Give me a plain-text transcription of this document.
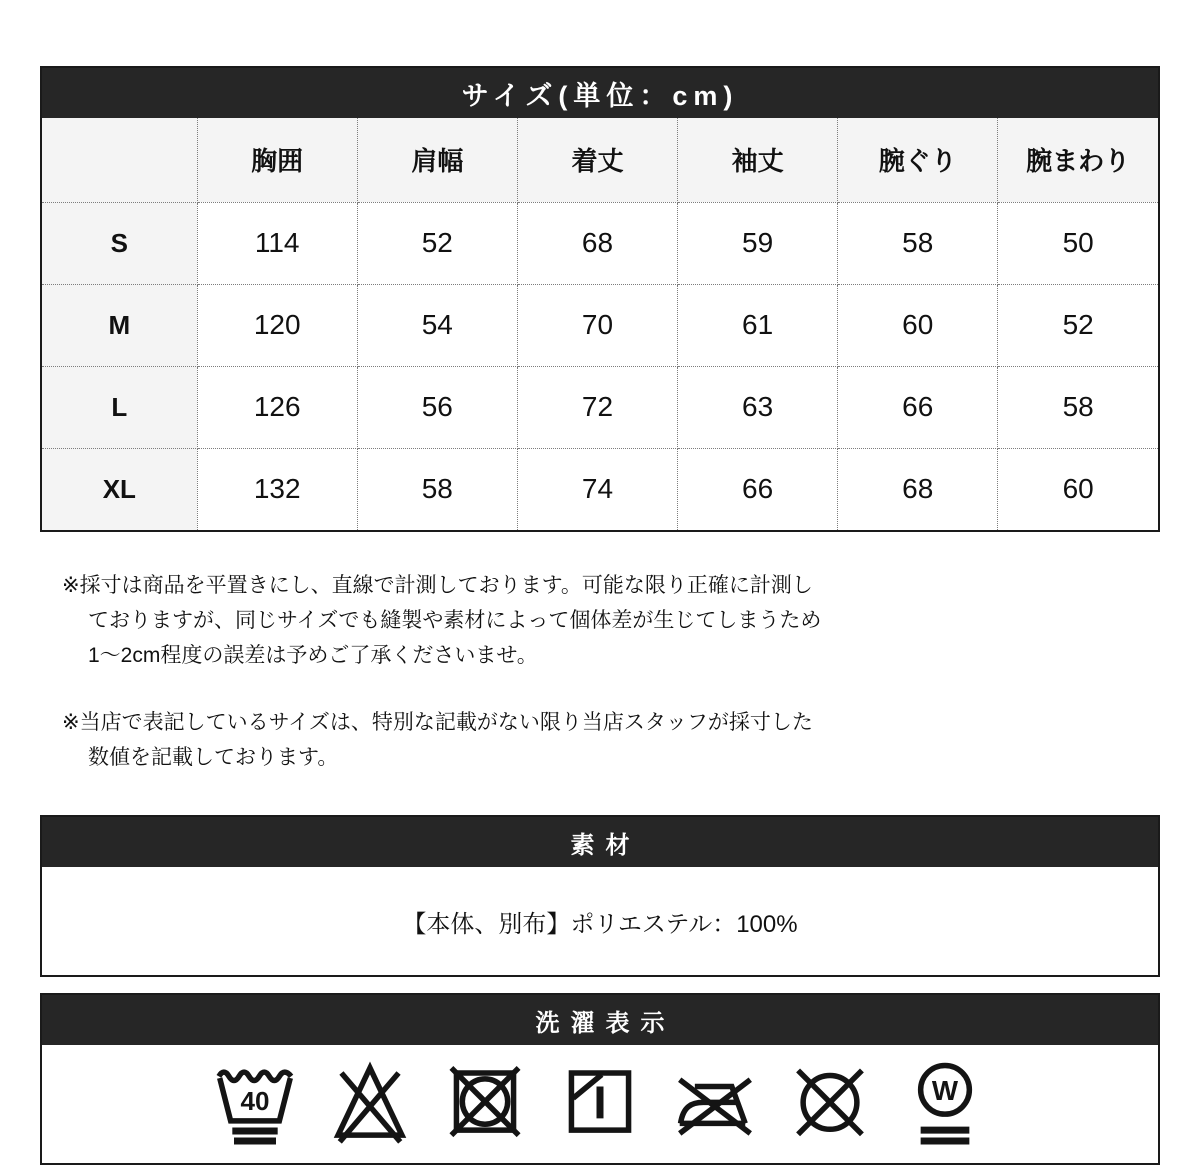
サイズ(単位：cm)
	胸囲	肩幅	着丈	袖丈	腕ぐり	腕まわり
S	114	52	68	59	58	50
M	120	54	70	61	60	52
L	126	56	72	63	66	58
XL	132	58	74	66	68	60
※採寸は商品を平置きにし、直線で計測しております。可能な限り正確に計測し
ておりますが、同じサイズでも縫製や素材によって個体差が生じてしまうため
1〜2cm程度の誤差は予めご了承くださいませ。
※当店で表記しているサイズは、特別な記載がない限り当店スタッフが採寸した
数値を記載しております。
素材
【本体、別布】ポリエステル：100%
洗濯表示
40	W
